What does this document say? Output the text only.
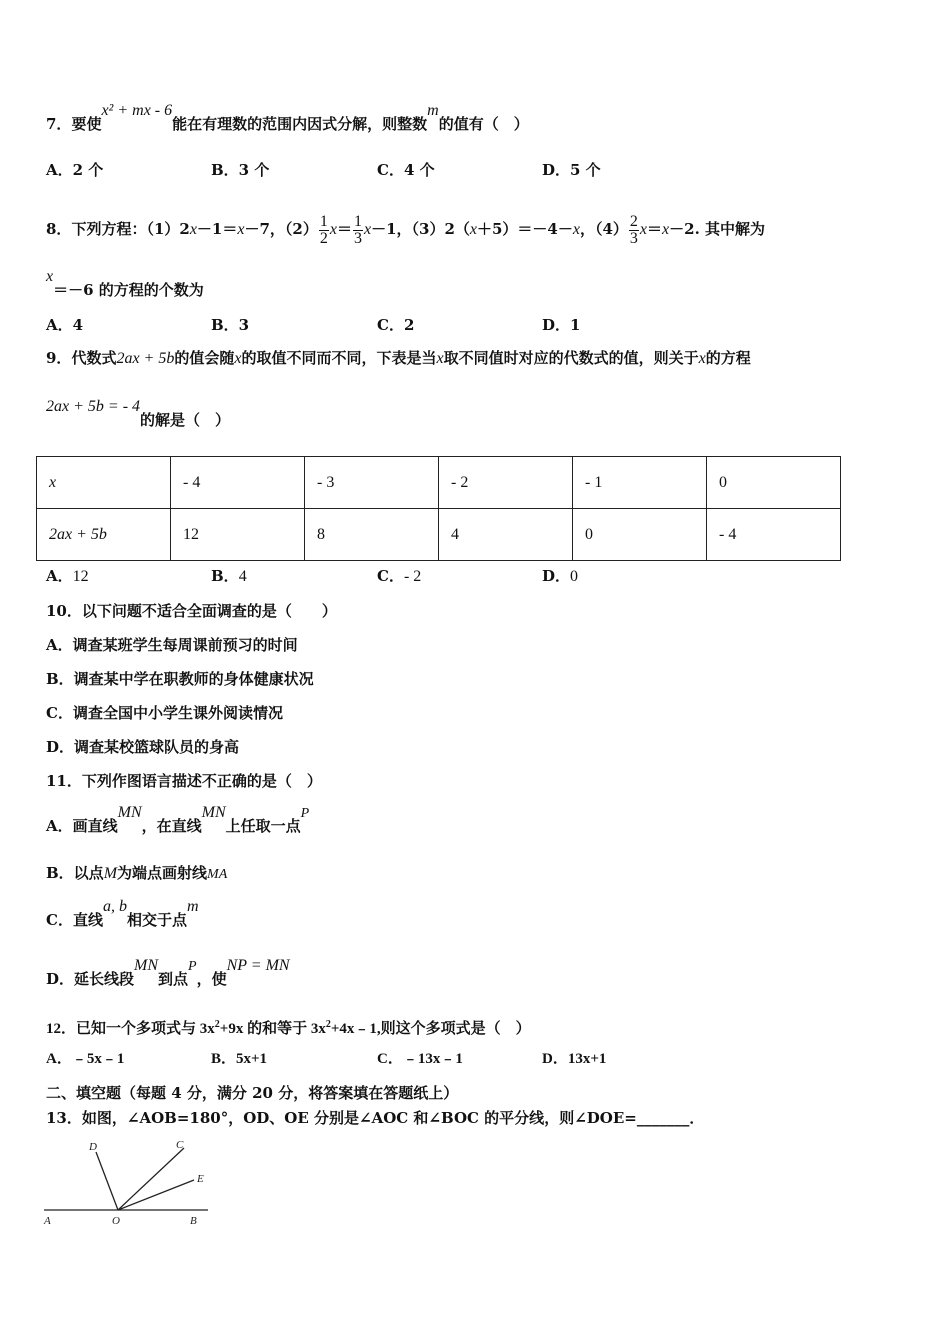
7．要使x² + mx - 6能在有理数的范围内因式分解，则整数m的值有（　）
A．2 个	B．3 个	C．4 个	D．5 个
8．下列方程：（1）2x－1＝x－7，$(2) \frac{1}{2} x= \frac{1}{3} x-1$，（3）2（x＋5）＝－4－x，$(4) \frac{2}{3} x=x-2$. 其中解为
x＝－6 的方程的个数为
A．4	B．3	C．2	D．1
9．代数式2ax + 5b的值会随x的取值不同而不同，下表是当x取不同值时对应的代数式的值，则关于x的方程
2ax + 5b = - 4的解是（　）
x	- 4	- 3	- 2	- 1	0
2ax + 5b	12	8	4	0	- 4
A．12	B．4	C．- 2	D．0
10．以下问题不适合全面调查的是（　　）
A．调查某班学生每周课前预习的时间
B．调查某中学在职教师的身体健康状况
C．调查全国中小学生课外阅读情况
D．调查某校篮球队员的身高
11．下列作图语言描述不正确的是（　）
A．画直线MN，在直线MN上任取一点P
B．以点M为端点画射线MA
C．直线a, b相交于点m
D．延长线段MN到点P，使NP = MN
12．已知一个多项式与 $3x^2+9x$ 的和等于 $3x^2+4x﹣1$,则这个多项式是（　）
A．﹣5x﹣1	B．5x+1	C．﹣13x﹣1	D．13x+1
二、填空题（每题 4 分，满分 20 分，将答案填在答题纸上）
13．如图，∠AOB=180°，OD、OE 分别是∠AOC 和∠BOC 的平分线，则∠DOE=_______．
A	O	B
D	C
E
